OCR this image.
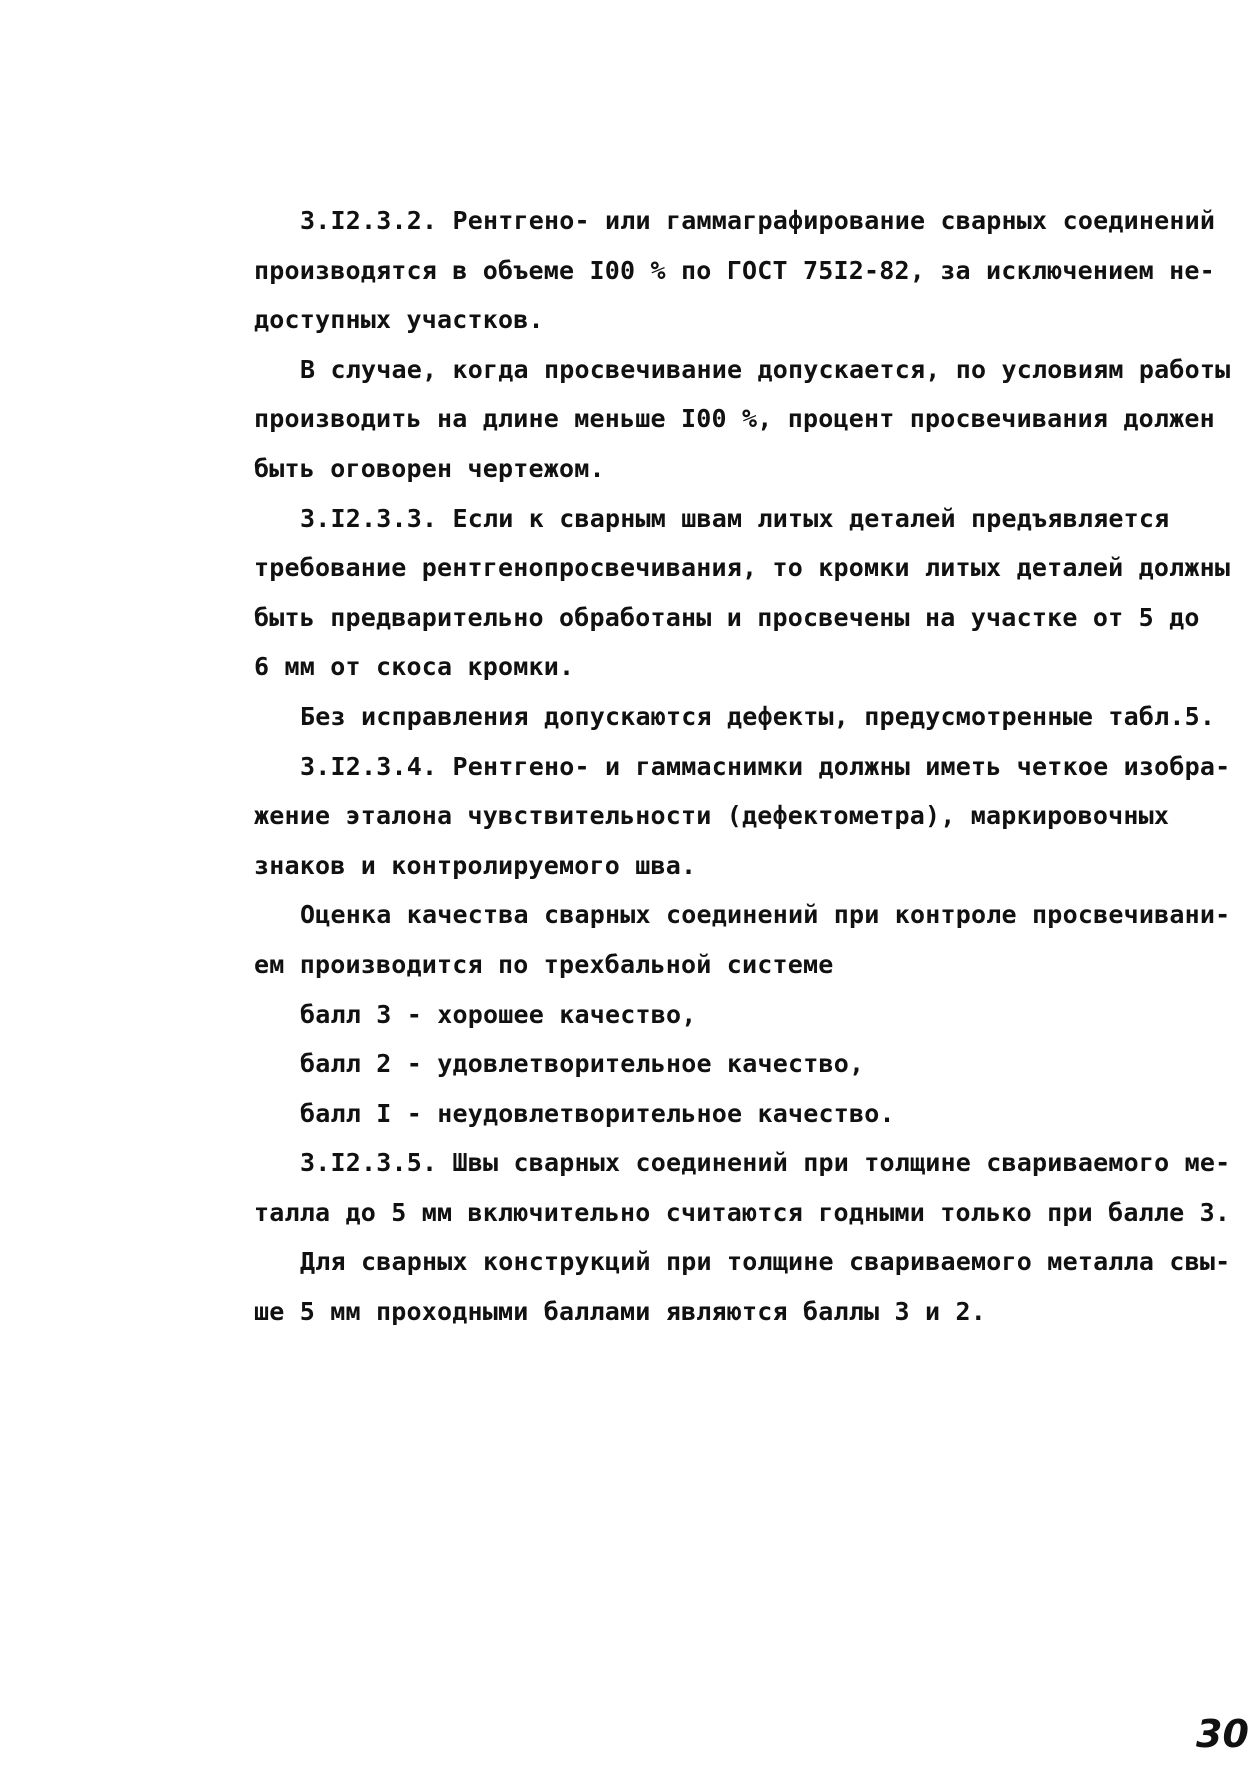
3.I2.3.2. Рентгено- или гаммаграфирование сварных соединений
производятся в объеме I00 % по ГОСТ 75I2-82, за исключением не-
доступных участков.
В случае, когда просвечивание допускается, по условиям работы
производить на длине меньше I00 %, процент просвечивания должен
быть оговорен чертежом.
3.I2.3.3. Если к сварным швам литых деталей предъявляется
требование рентгенопросвечивания, то кромки литых деталей должны
быть предварительно обработаны и просвечены на участке от 5 до
6 мм от скоса кромки.
Без исправления допускаются дефекты, предусмотренные табл.5.
3.I2.3.4. Рентгено- и гаммаснимки должны иметь четкое изобра-
жение эталона чувствительности (дефектометра), маркировочных
знаков и контролируемого шва.
Оценка качества сварных соединений при контроле просвечивани-
ем производится по трехбальной системе
балл 3 - хорошее качество,
балл 2 - удовлетворительное качество,
балл I - неудовлетворительное качество.
3.I2.3.5. Швы сварных соединений при толщине свариваемого ме-
талла до 5 мм включительно считаются годными только при балле 3.
Для сварных конструкций при толщине свариваемого металла свы-
ше 5 мм проходными баллами являются баллы 3 и 2.
30
